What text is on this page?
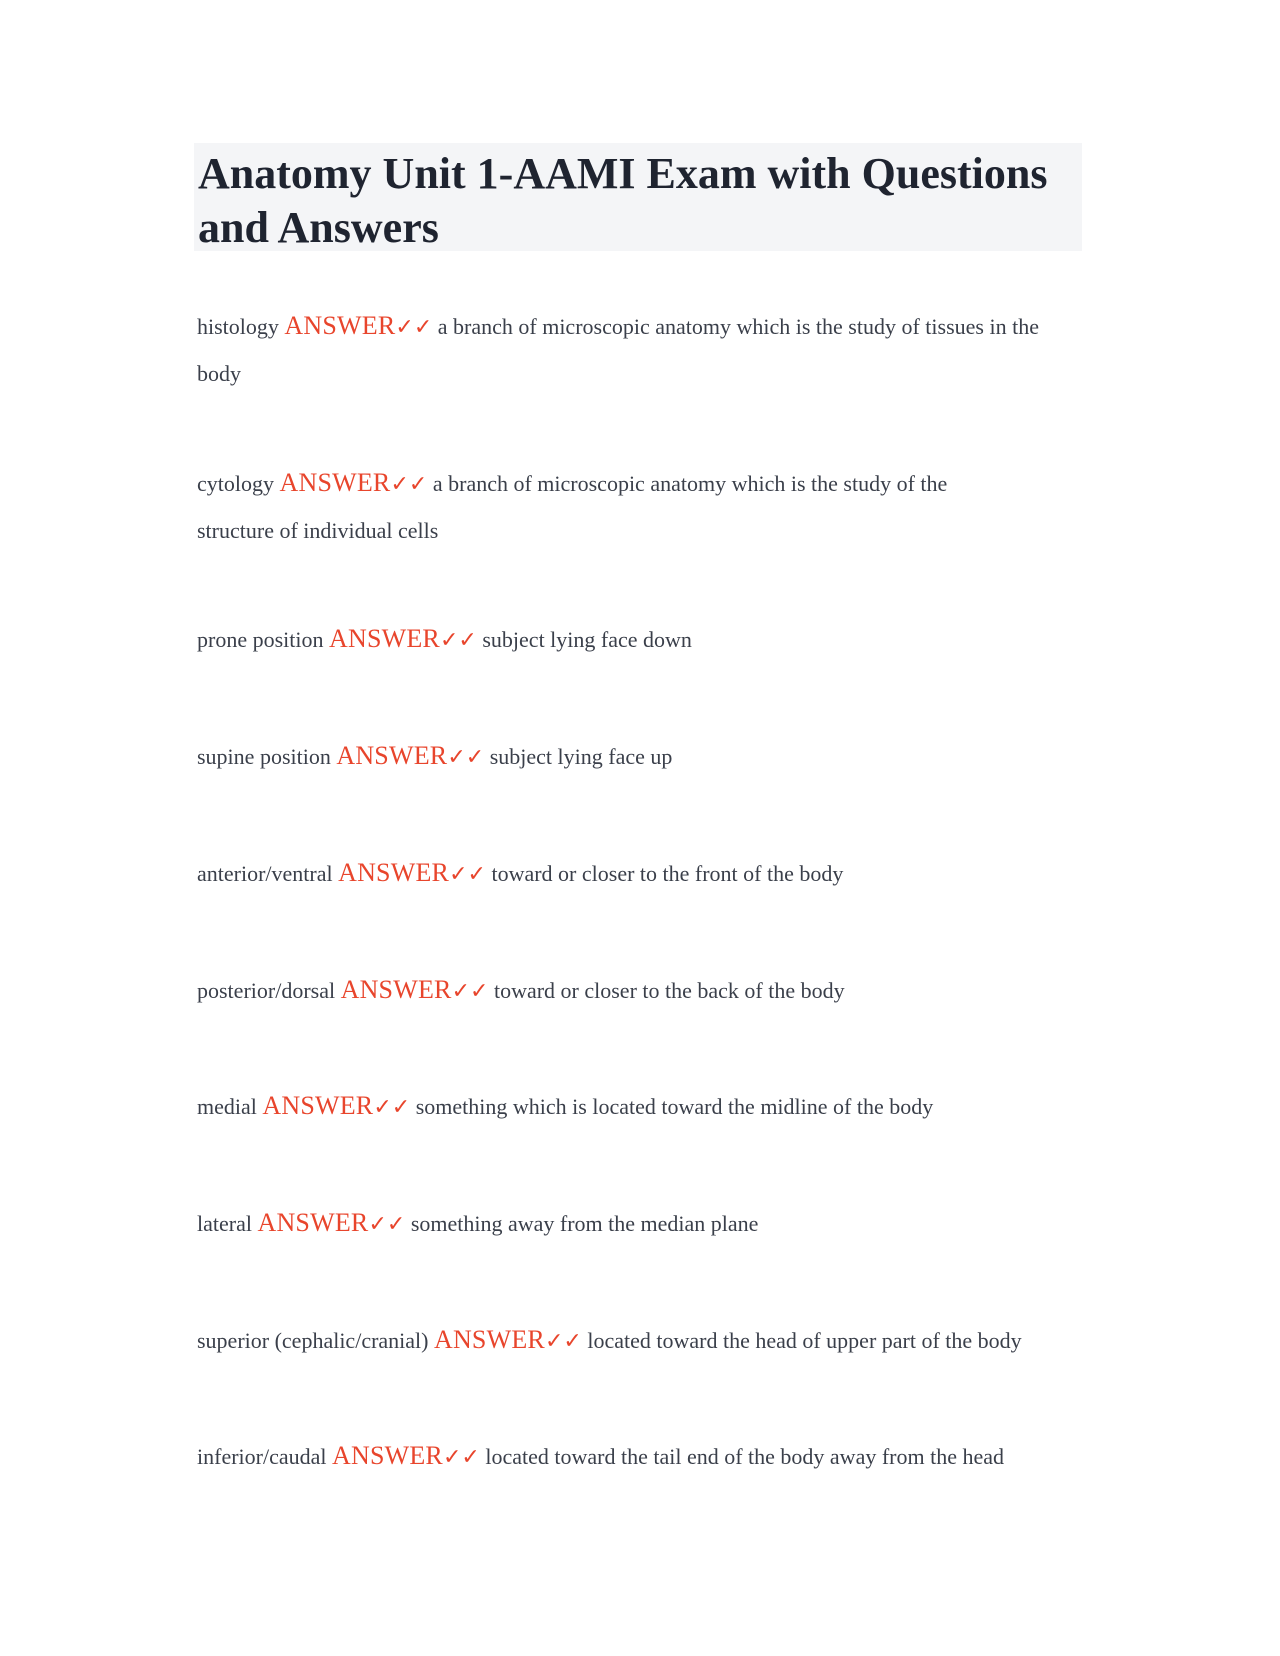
Anatomy Unit 1-AAMI Exam with Questions and Answers

histology ANSWER✓✓ a branch of microscopic anatomy which is the study of tissues in the body

cytology ANSWER✓✓ a branch of microscopic anatomy which is the study of the structure of individual cells

prone position ANSWER✓✓ subject lying face down

supine position ANSWER✓✓ subject lying face up

anterior/ventral ANSWER✓✓ toward or closer to the front of the body

posterior/dorsal ANSWER✓✓ toward or closer to the back of the body

medial ANSWER✓✓ something which is located toward the midline of the body

lateral ANSWER✓✓ something away from the median plane

superior (cephalic/cranial) ANSWER✓✓ located toward the head of upper part of the body

inferior/caudal ANSWER✓✓ located toward the tail end of the body away from the head
